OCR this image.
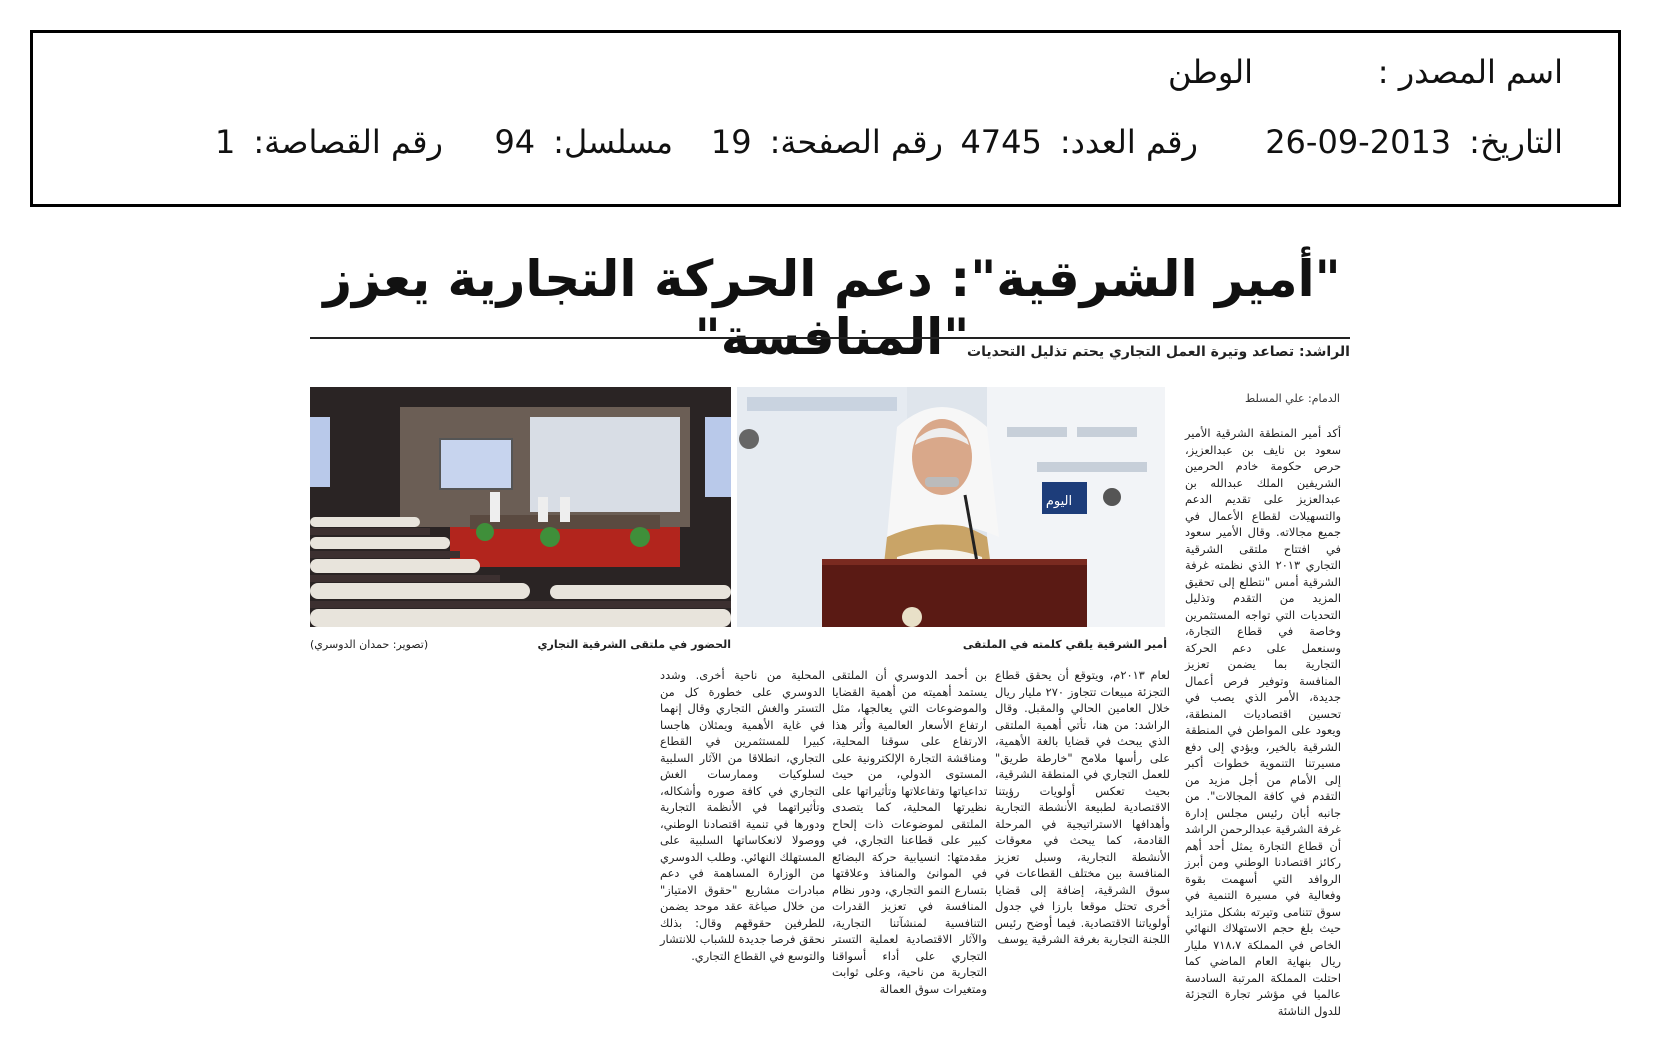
اسم المصدر :
الوطن
التاريخ:2013-09-26
رقم العدد:4745
رقم الصفحة:19
مسلسل:94
رقم القصاصة:1
"أمير الشرقية": دعم الحركة التجارية يعزز "المنافسة"
الراشد: تصاعد وتيرة العمل التجاري يحتم تذليل التحديات
الدمام: علي المسلط
أكد أمير المنطقة الشرقية الأمير سعود بن نايف بن عبدالعزيز، حرص حكومة خادم الحرمين الشريفين الملك عبدالله بن عبدالعزيز على تقديم الدعم والتسهيلات لقطاع الأعمال في جميع مجالاته. وقال الأمير سعود في افتتاح ملتقى الشرقية التجاري ٢٠١٣ الذي نظمته غرفة الشرقية أمس "نتطلع إلى تحقيق المزيد من التقدم وتذليل التحديات التي تواجه المستثمرين وخاصة في قطاع التجارة، وسنعمل على دعم الحركة التجارية بما يضمن تعزيز المنافسة وتوفير فرص أعمال جديدة، الأمر الذي يصب في تحسين اقتصاديات المنطقة، ويعود على المواطن في المنطقة الشرقية بالخير، ويؤدي إلى دفع مسيرتنا التنموية خطوات أكبر إلى الأمام من أجل مزيد من التقدم في كافة المجالات". من جانبه أبان رئيس مجلس إدارة غرفة الشرقية عبدالرحمن الراشد أن قطاع التجارة يمثل أحد أهم ركائز اقتصادنا الوطني ومن أبرز الروافد التي أسهمت بقوة وفعالية في مسيرة التنمية في سوق تتنامى وتيرته بشكل متزايد حيث بلغ حجم الاستهلاك النهائي الخاص في المملكة ٧١٨،٧ مليار ريال بنهاية العام الماضي كما احتلت المملكة المرتبة السادسة عالميا في مؤشر تجارة التجزئة للدول الناشئة
لعام ٢٠١٣م، ويتوقع أن يحقق قطاع التجزئة مبيعات تتجاوز ٢٧٠ مليار ريال خلال العامين الحالي والمقبل. وقال الراشد: من هنا، تأتي أهمية الملتقى الذي يبحث في قضايا بالغة الأهمية، على رأسها ملامح "خارطة طريق" للعمل التجاري في المنطقة الشرقية، بحيث تعكس أولويات رؤيتنا الاقتصادية لطبيعة الأنشطة التجارية وأهدافها الاستراتيجية في المرحلة القادمة، كما يبحث في معوقات الأنشطة التجارية، وسبل تعزيز المنافسة بين مختلف القطاعات في سوق الشرقية، إضافة إلى قضايا أخرى تحتل موقعا بارزا في جدول أولوياتنا الاقتصادية. فيما أوضح رئيس اللجنة التجارية بغرفة الشرقية يوسف
بن أحمد الدوسري أن الملتقى يستمد أهميته من أهمية القضايا والموضوعات التي يعالجها، مثل ارتفاع الأسعار العالمية وأثر هذا الارتفاع على سوقنا المحلية، ومناقشة التجارة الإلكترونية على المستوى الدولي، من حيث تداعياتها وتفاعلاتها وتأثيراتها على نظيرتها المحلية، كما يتصدى الملتقى لموضوعات ذات إلحاح كبير على قطاعنا التجاري، في مقدمتها: انسيابية حركة البضائع في الموانئ والمنافذ وعلاقتها بتسارع النمو التجاري، ودور نظام المنافسة في تعزيز القدرات التنافسية لمنشآتنا التجارية، والآثار الاقتصادية لعملية التستر التجاري على أداء أسواقنا التجارية من ناحية، وعلى ثوابت ومتغيرات سوق العمالة
المحلية من ناحية أخرى. وشدد الدوسري على خطورة كل من التستر والغش التجاري وقال إنهما في غاية الأهمية ويمثلان هاجسا كبيرا للمستثمرين في القطاع التجاري، انطلاقا من الآثار السلبية لسلوكيات وممارسات الغش التجاري في كافة صوره وأشكاله، وتأثيراتهما في الأنظمة التجارية ودورها في تنمية اقتصادنا الوطني، ووصولا لانعكاساتها السلبية على المستهلك النهائي. وطلب الدوسري من الوزارة المساهمة في دعم مبادرات مشاريع "حقوق الامتياز" من خلال صياغة عقد موحد يضمن للطرفين حقوقهم وقال: بذلك نحقق فرصا جديدة للشباب للانتشار والتوسع في القطاع التجاري.
اليوم
أمير الشرقية يلقي كلمته في الملتقى
الحضور في ملتقى الشرقية التجاري
(تصوير: حمدان الدوسري)
